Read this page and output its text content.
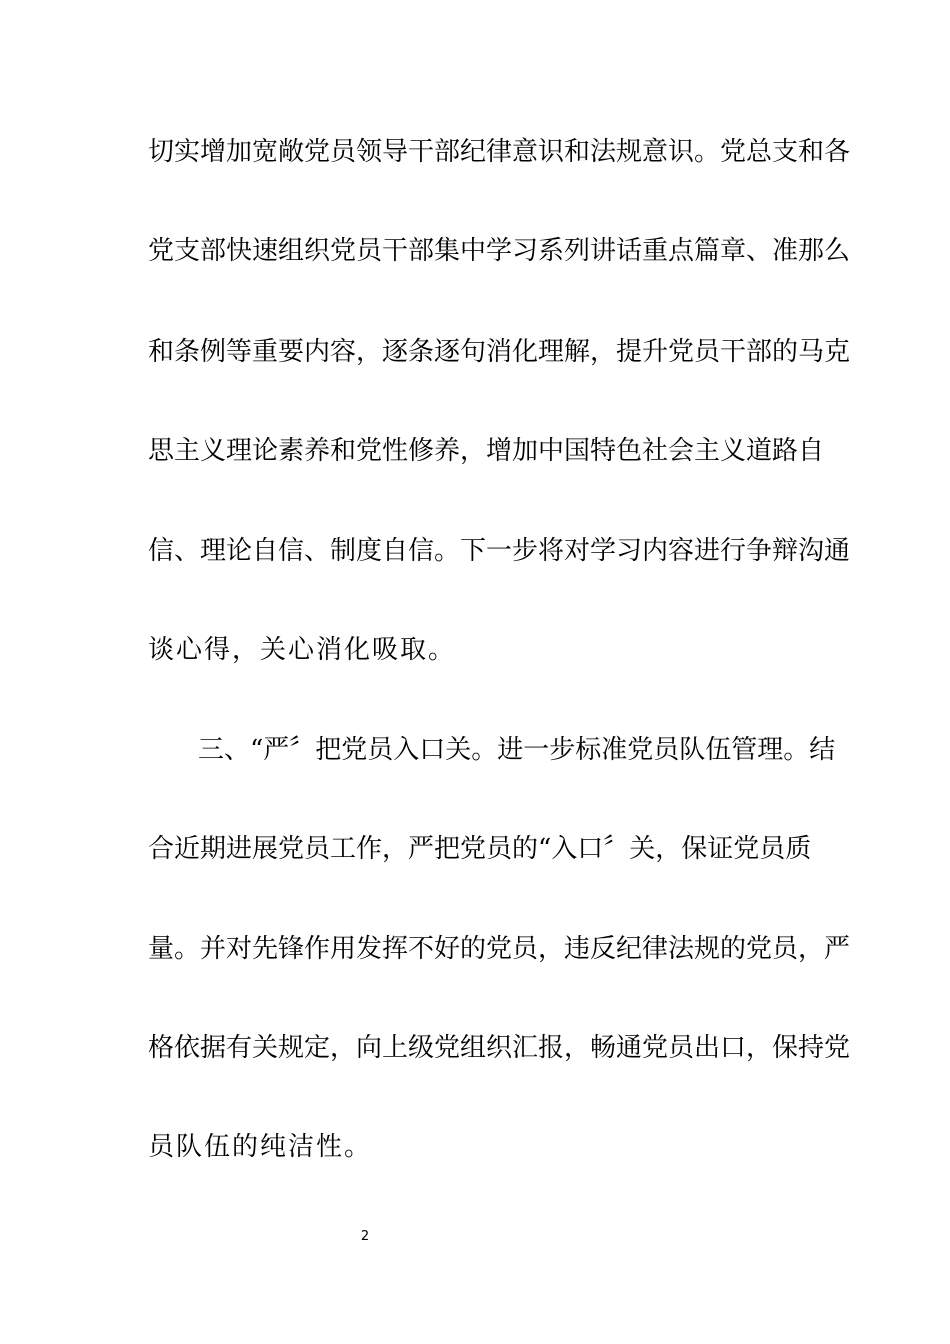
切实增加宽敞党员领导干部纪律意识和法规意识。党总支和各
党支部快速组织党员干部集中学习系列讲话重点篇章、准那么
和条例等重要内容，逐条逐句消化理解，提升党员干部的马克
思主义理论素养和党性修养，增加中国特色社会主义道路自
信、理论自信、制度自信。下一步将对学习内容进行争辩沟通
谈心得，关心消化吸取。
三、“严〞把党员入口关。进一步标准党员队伍管理。结
合近期进展党员工作，严把党员的“入口〞关，保证党员质
量。并对先锋作用发挥不好的党员，违反纪律法规的党员，严
格依据有关规定，向上级党组织汇报，畅通党员出口，保持党
员队伍的纯洁性。
2
